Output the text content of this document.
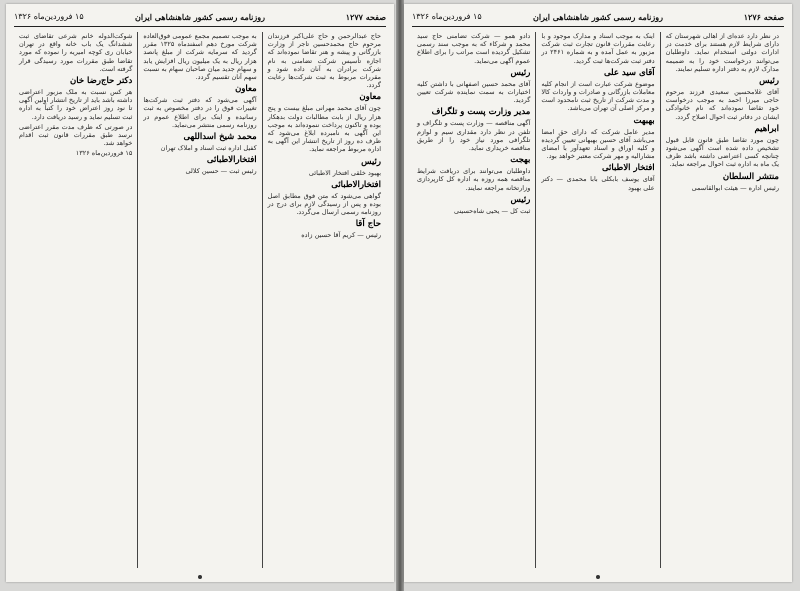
صفحه ۱۲۷۷
روزنامه رسمی کشور شاهنشاهی ایران
۱۵ فروردین‌ماه ۱۳۲۶
حاج عبدالرحمن و حاج علی‌اکبر فرزندان مرحوم حاج محمدحسین تاجر از وزارت بازرگانی و پیشه و هنر تقاضا نموده‌اند که اجازه تأسیس شرکت تضامنی به نام شرکت برادران به آنان داده شود و مقررات مربوط به ثبت شرکت‌ها رعایت گردد.
معاون
چون آقای محمد مهرانی مبلغ بیست و پنج هزار ریال از بابت مطالبات دولت بدهکار بوده و تاکنون پرداخت ننموده‌اند به موجب این آگهی به نامبرده ابلاغ می‌شود که ظرف ده روز از تاریخ انتشار این آگهی به اداره مربوط مراجعه نماید.
رئیس
بهبود خلقی افتخار الاطبائی
افتخارالاطبائی
گواهی می‌شود که متن فوق مطابق اصل بوده و پس از رسیدگی لازم برای درج در روزنامه رسمی ارسال می‌گردد.
حاج آقا
رئیس — کریم آقا حسین‌ زاده
به موجب تصمیم مجمع عمومی فوق‌العاده شرکت مورخ دهم اسفندماه ۱۳۲۵ مقرر گردید که سرمایه شرکت از مبلغ پانصد هزار ریال به یک میلیون ریال افزایش یابد و سهام جدید میان صاحبان سهام به نسبت سهم آنان تقسیم گردد.
معاون
آگهی می‌شود که دفتر ثبت شرکت‌ها تغییرات فوق را در دفتر مخصوص به ثبت رسانیده و اینک برای اطلاع عموم در روزنامه رسمی منتشر می‌نماید.
محمد شیخ اسداللهی
کفیل اداره ثبت اسناد و املاک تهران
افتخارالاطبائی
رئیس ثبت — حسین کلالی
شوکت‌الدوله خانم شرعی تقاضای ثبت ششدانگ یک باب خانه واقع در تهران خیابان ری کوچه امیریه را نموده که مورد تقاضا طبق مقررات مورد رسیدگی قرار گرفته است.
دکتر حاج‌رضا خان
هر کس نسبت به ملک مزبور اعتراضی داشته باشد باید از تاریخ انتشار اولین آگهی تا نود روز اعتراض خود را کتباً به اداره ثبت تسلیم نماید و رسید دریافت دارد.
در صورتی که ظرف مدت مقرر اعتراضی نرسد طبق مقررات قانون ثبت اقدام خواهد شد.
۱۵ فروردین‌ماه ۱۳۲۶
صفحه ۱۲۷۶
روزنامه رسمی کشور شاهنشاهی ایران
۱۵ فروردین‌ماه ۱۳۲۶
در نظر دارد عده‌ای از اهالی شهرستان که دارای شرایط لازم هستند برای خدمت در ادارات دولتی استخدام نماید. داوطلبان می‌توانند درخواست خود را به ضمیمه مدارک لازم به دفتر اداره تسلیم نمایند.
رئیس
آقای غلامحسین سعیدی فرزند مرحوم حاجی میرزا احمد به موجب درخواست خود تقاضا نموده‌اند که نام خانوادگی ایشان در دفاتر ثبت احوال اصلاح گردد.
ابراهیم
چون مورد تقاضا طبق قانون قابل قبول تشخیص داده شده است آگهی می‌شود چنانچه کسی اعتراضی داشته باشد ظرف یک ماه به اداره ثبت احوال مراجعه نماید.
منتشر السلطان
رئیس اداره — هیئت ابوالقاسمی
اینک به موجب اسناد و مدارک موجود و با رعایت مقررات قانون تجارت ثبت شرکت مزبور به عمل آمده و به شماره ۲۴۶۱ در دفتر ثبت شرکت‌ها ثبت گردید.
آقای سید علی
موضوع شرکت عبارت است از انجام کلیه معاملات بازرگانی و صادرات و واردات کالا و مدت شرکت از تاریخ ثبت نامحدود است و مرکز اصلی آن تهران می‌باشد.
بهبهت
مدیر عامل شرکت که دارای حق امضا می‌باشد آقای حسین بهبهانی تعیین گردیده و کلیه اوراق و اسناد تعهدآور با امضای مشارالیه و مهر شرکت معتبر خواهد بود.
افتخار الاطبائی
آقای یوسف بابکلی بابا محمدی — دکتر علی بهبود
دادو همو — شرکت تضامنی حاج سید محمد و شرکاء که به موجب سند رسمی تشکیل گردیده است مراتب را برای اطلاع عموم آگهی می‌نماید.
رئیس
آقای محمد حسین اصفهانی با داشتن کلیه اختیارات به سمت نماینده شرکت تعیین گردید.
مدیر وزارت پست و تلگراف
آگهی مناقصه — وزارت پست و تلگراف و تلفن در نظر دارد مقداری سیم و لوازم تلگرافی مورد نیاز خود را از طریق مناقصه خریداری نماید.
بهجت
داوطلبان می‌توانند برای دریافت شرایط مناقصه همه روزه به اداره کل کارپردازی وزارتخانه مراجعه نمایند.
رئیس
ثبت کل — یحیی شاه‌حسینی
